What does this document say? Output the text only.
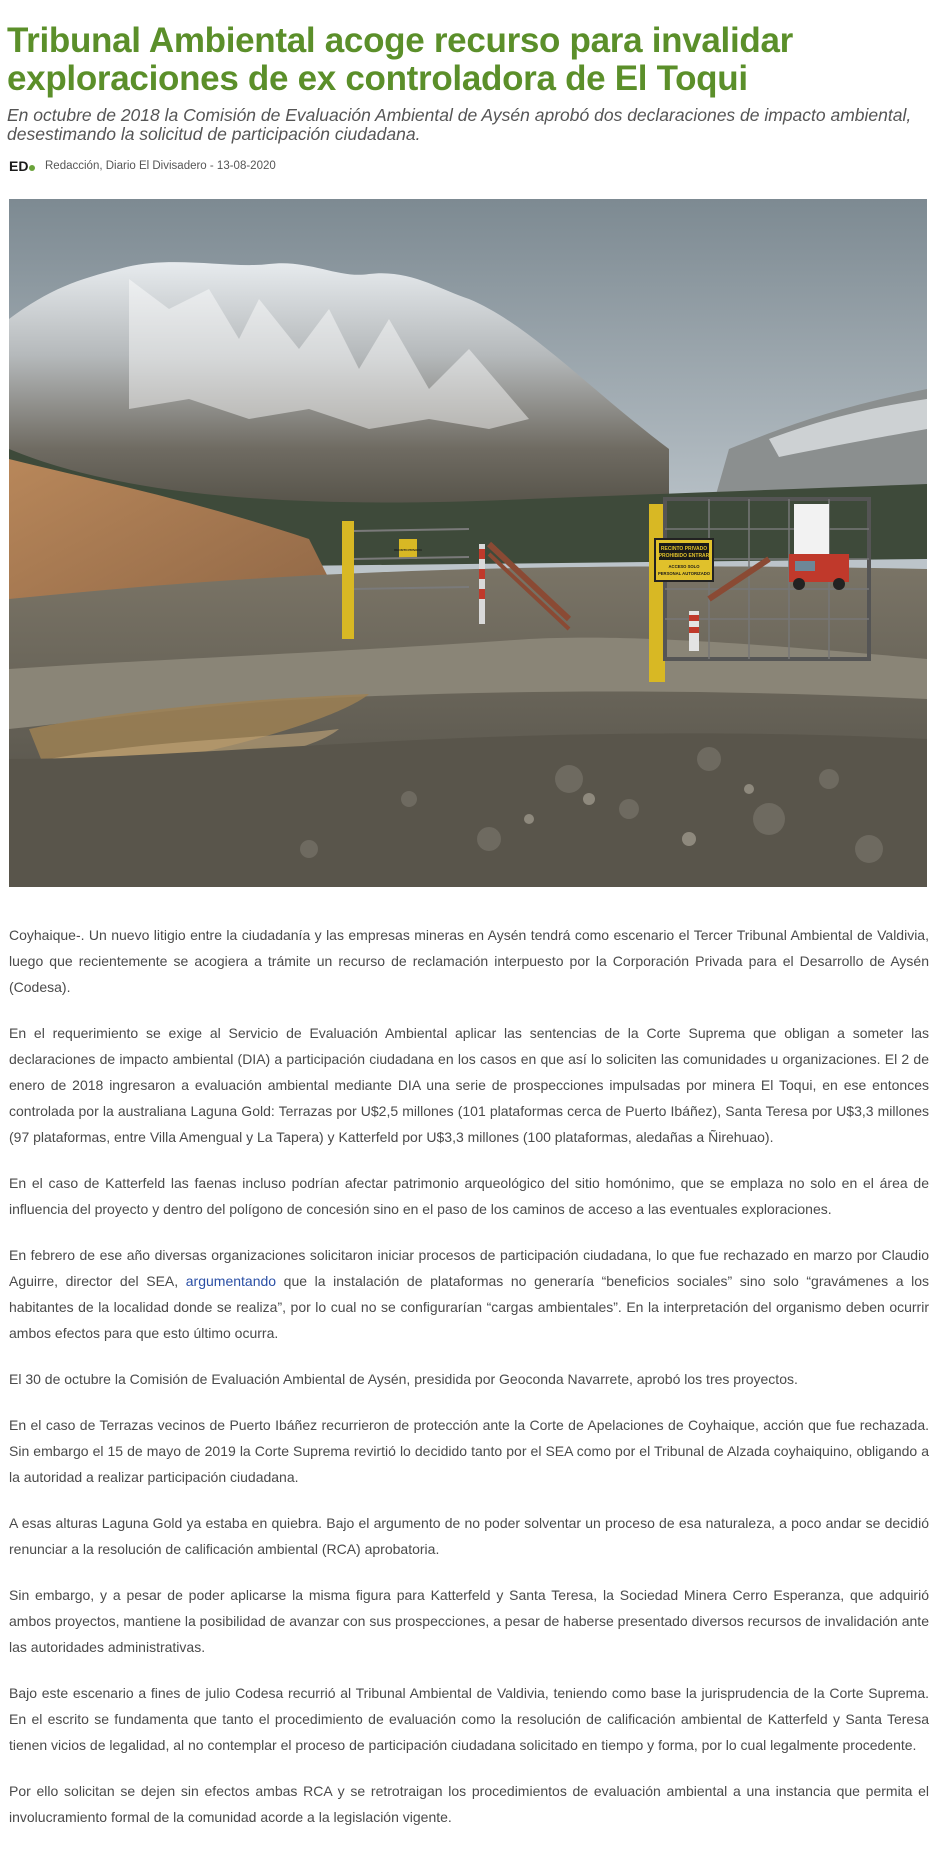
Tribunal Ambiental acoge recurso para invalidar exploraciones de ex controladora de El Toqui

En octubre de 2018 la Comisión de Evaluación Ambiental de Aysén aprobó dos declaraciones de impacto ambiental, desestimando la solicitud de participación ciudadana.

ED Redacción, Diario El Divisadero - 13-08-2020
RECINTO PRIVADO
PROHIBIDO ENTRAR
ACCESO SOLO
PERSONAL AUTORIZADO
RECINTO PRIVADO

Coyhaique-. Un nuevo litigio entre la ciudadanía y las empresas mineras en Aysén tendrá como escenario el Tercer Tribunal Ambiental de Valdivia, luego que recientemente se acogiera a trámite un recurso de reclamación interpuesto por la Corporación Privada para el Desarrollo de Aysén (Codesa).

En el requerimiento se exige al Servicio de Evaluación Ambiental aplicar las sentencias de la Corte Suprema que obligan a someter las declaraciones de impacto ambiental (DIA) a participación ciudadana en los casos en que así lo soliciten las comunidades u organizaciones. El 2 de enero de 2018 ingresaron a evaluación ambiental mediante DIA una serie de prospecciones impulsadas por minera El Toqui, en ese entonces controlada por la australiana Laguna Gold: Terrazas por U$2,5 millones (101 plataformas cerca de Puerto Ibáñez), Santa Teresa por U$3,3 millones (97 plataformas, entre Villa Amengual y La Tapera) y Katterfeld por U$3,3 millones (100 plataformas, aledañas a Ñirehuao).

En el caso de Katterfeld las faenas incluso podrían afectar patrimonio arqueológico del sitio homónimo, que se emplaza no solo en el área de influencia del proyecto y dentro del polígono de concesión sino en el paso de los caminos de acceso a las eventuales exploraciones.

En febrero de ese año diversas organizaciones solicitaron iniciar procesos de participación ciudadana, lo que fue rechazado en marzo por Claudio Aguirre, director del SEA, argumentando que la instalación de plataformas no generaría “beneficios sociales” sino solo “gravámenes a los habitantes de la localidad donde se realiza”, por lo cual no se configurarían “cargas ambientales”. En la interpretación del organismo deben ocurrir ambos efectos para que esto último ocurra.

El 30 de octubre la Comisión de Evaluación Ambiental de Aysén, presidida por Geoconda Navarrete, aprobó los tres proyectos.

En el caso de Terrazas vecinos de Puerto Ibáñez recurrieron de protección ante la Corte de Apelaciones de Coyhaique, acción que fue rechazada. Sin embargo el 15 de mayo de 2019 la Corte Suprema revirtió lo decidido tanto por el SEA como por el Tribunal de Alzada coyhaiquino, obligando a la autoridad a realizar participación ciudadana.

A esas alturas Laguna Gold ya estaba en quiebra. Bajo el argumento de no poder solventar un proceso de esa naturaleza, a poco andar se decidió renunciar a la resolución de calificación ambiental (RCA) aprobatoria.

Sin embargo, y a pesar de poder aplicarse la misma figura para Katterfeld y Santa Teresa, la Sociedad Minera Cerro Esperanza, que adquirió ambos proyectos, mantiene la posibilidad de avanzar con sus prospecciones, a pesar de haberse presentado diversos recursos de invalidación ante las autoridades administrativas.

Bajo este escenario a fines de julio Codesa recurrió al Tribunal Ambiental de Valdivia, teniendo como base la jurisprudencia de la Corte Suprema. En el escrito se fundamenta que tanto el procedimiento de evaluación como la resolución de calificación ambiental de Katterfeld y Santa Teresa tienen vicios de legalidad, al no contemplar el proceso de participación ciudadana solicitado en tiempo y forma, por lo cual legalmente procedente.

Por ello solicitan se dejen sin efectos ambas RCA y se retrotraigan los procedimientos de evaluación ambiental a una instancia que permita el involucramiento formal de la comunidad acorde a la legislación vigente.
